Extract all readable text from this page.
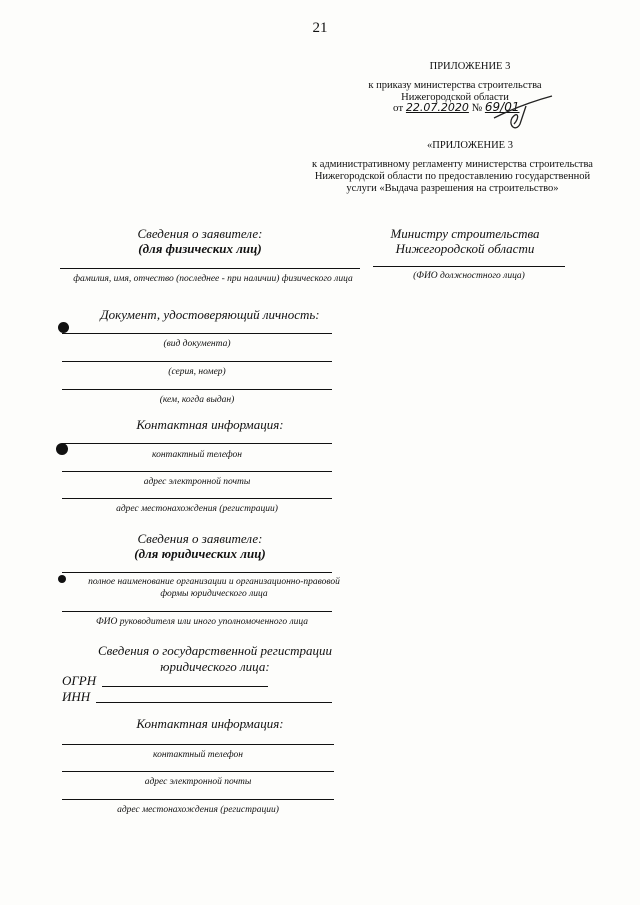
21
ПРИЛОЖЕНИЕ 3
к приказу министерства строительства
Нижегородской области
от 22.07.2020 № 69/01
«ПРИЛОЖЕНИЕ 3
к административному регламенту министерства строительства
Нижегородской области по предоставлению государственной
услуги «Выдача разрешения на строительство»
Сведения о заявителе:
(для физических лиц)
Министру строительства
Нижегородской области
(ФИО должностного лица)
фамилия, имя, отчество (последнее - при наличии) физического лица
Документ, удостоверяющий личность:
(вид документа)
(серия, номер)
(кем, когда выдан)
Контактная информация:
контактный телефон
адрес электронной почты
адрес местонахождения (регистрации)
Сведения о заявителе:
(для юридических лиц)
полное наименование организации и организационно-правовой
формы юридического лица
ФИО руководителя или иного уполномоченного лица
Сведения о государственной регистрации
юридического лица:
ОГРН
ИНН
Контактная информация:
контактный телефон
адрес электронной почты
адрес местонахождения (регистрации)
